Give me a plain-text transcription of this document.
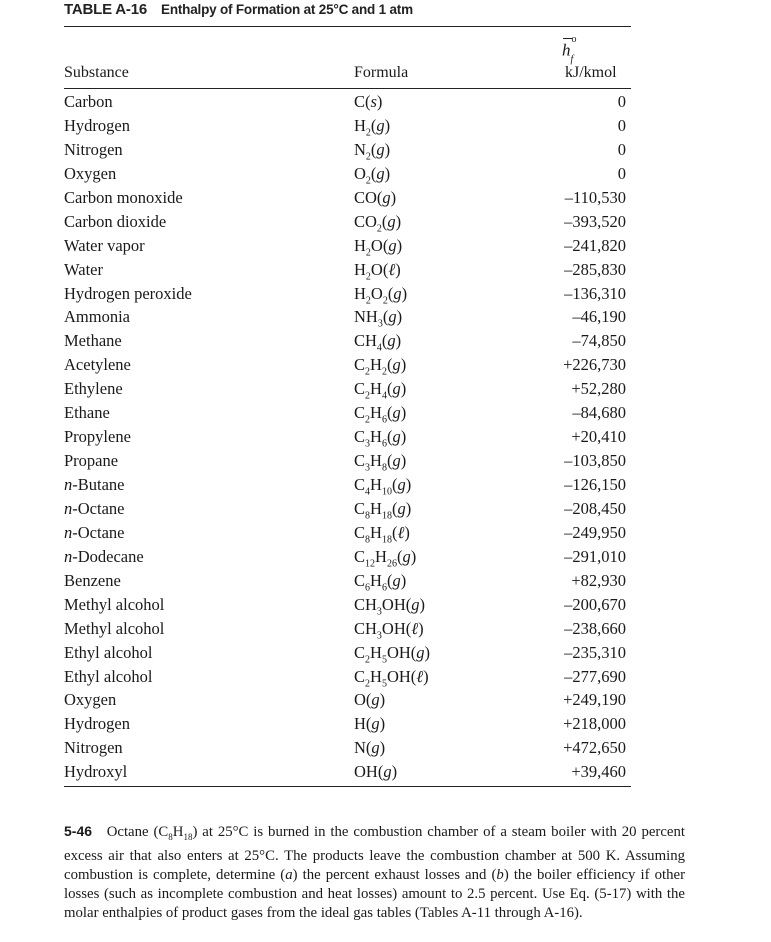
TABLE A-16 Enthalpy of Formation at 25°C and 1 atm
$h^o_f$
Substance	Formula	kJ/kmol
Carbon	C(s)	0
Hydrogen	$H_2(g)$	0
Nitrogen	$N_2(g)$	0
Oxygen	$O_2(g)$	0
Carbon monoxide	CO(g)	–110,530
Carbon dioxide	$CO_2(g)$	–393,520
Water vapor	$H_2O(g)$	–241,820
Water	$H_2O(\ell)$	–285,830
Hydrogen peroxide	$H_2O_2(g)$	–136,310
Ammonia	$NH_3(g)$	–46,190
Methane	$CH_4(g)$	–74,850
Acetylene	$C_2H_2(g)$	+226,730
Ethylene	$C_2H_4(g)$	+52,280
Ethane	$C_2H_6(g)$	–84,680
Propylene	$C_3H_6(g)$	+20,410
Propane	$C_3H_8(g)$	–103,850
n-Butane	$C_4H_{10}(g)$	–126,150
n-Octane	$C_8H_{18}(g)$	–208,450
n-Octane	$C_8H_{18}(\ell)$	–249,950
n-Dodecane	$C_{12}H_{26}(g)$	–291,010
Benzene	$C_6H_6(g)$	+82,930
Methyl alcohol	$CH_3OH(g)$	–200,670
Methyl alcohol	$CH_3OH(\ell)$	–238,660
Ethyl alcohol	$C_2H_5OH(g)$	–235,310
Ethyl alcohol	$C_2H_5OH(\ell)$	–277,690
Oxygen	O(g)	+249,190
Hydrogen	H(g)	+218,000
Nitrogen	N(g)	+472,650
Hydroxyl	OH(g)	+39,460
5-46 Octane $(C_8H_{18})$ at 25°C is burned in the combustion chamber of a steam boiler with 20 percent excess air that also enters at 25°C. The products leave the combustion chamber at 500 K. Assuming combustion is complete, determine (a) the percent exhaust losses and (b) the boiler efficiency if other losses (such as incomplete combustion and heat losses) amount to 2.5 percent. Use Eq. (5-17) with the molar enthalpies of product gases from the ideal gas tables (Tables A-11 through A-16).
